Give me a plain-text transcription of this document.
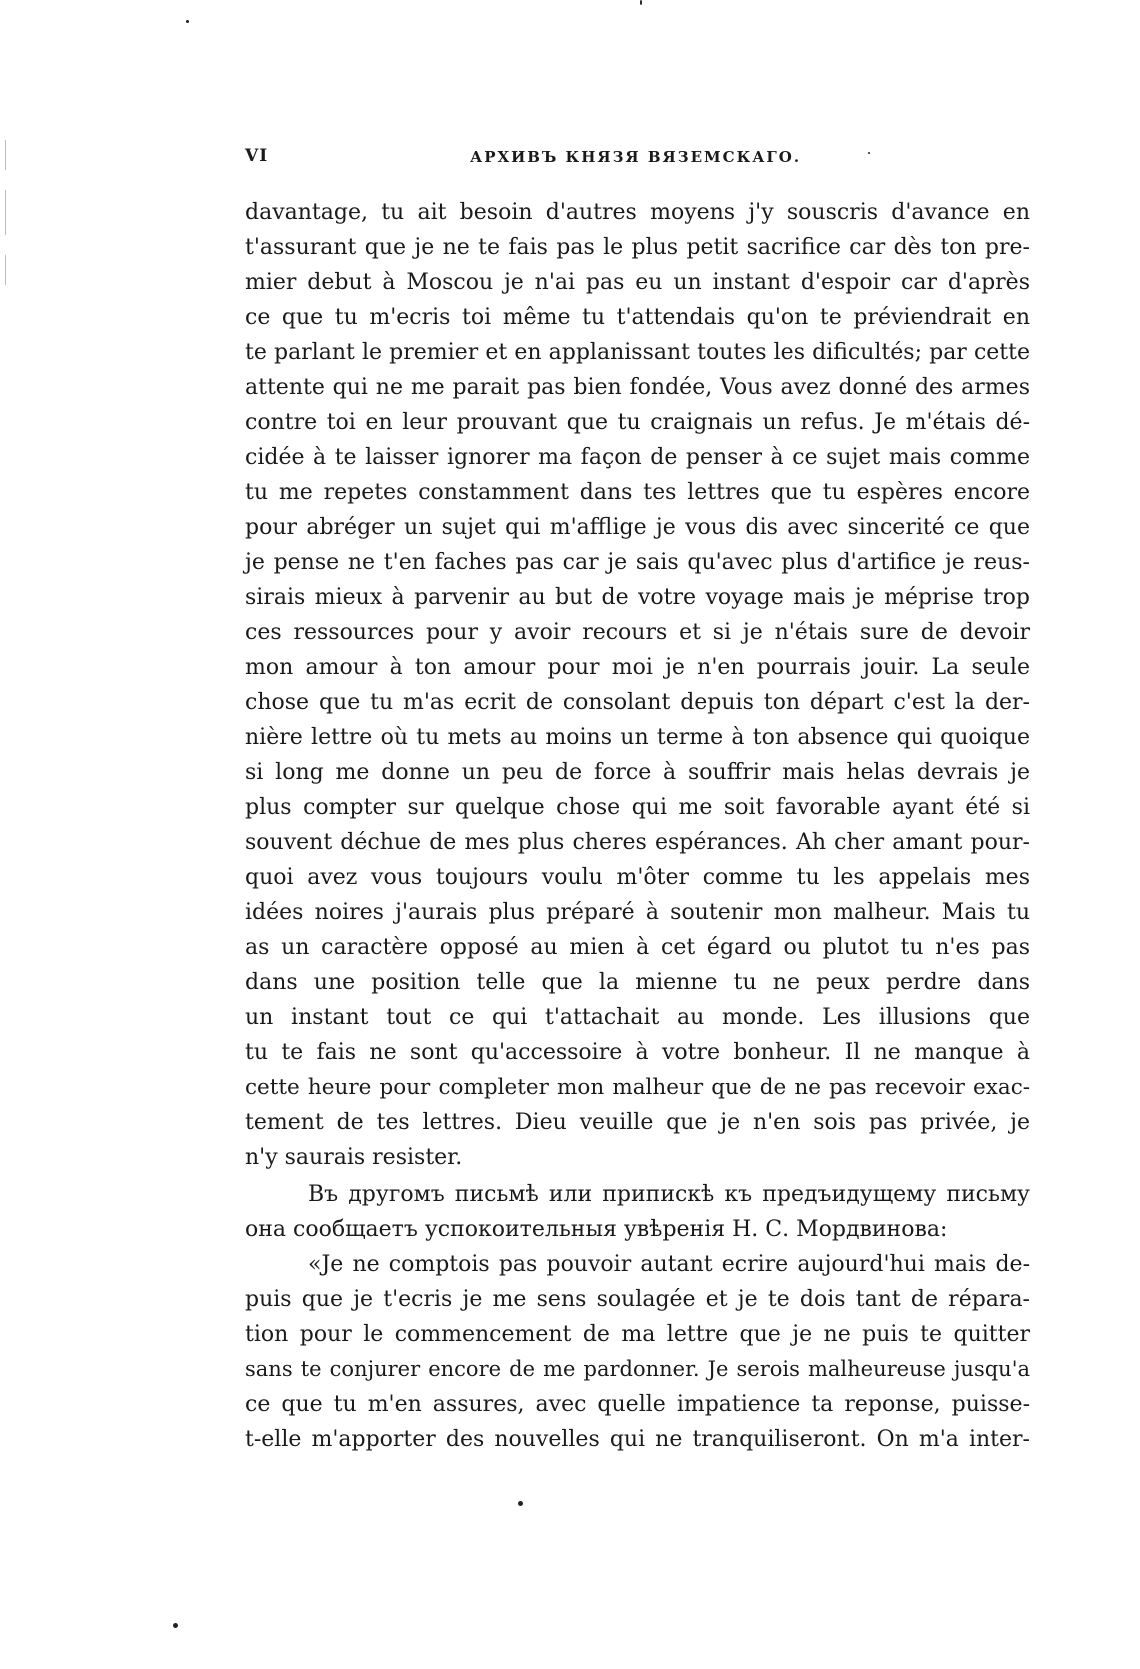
VI	АРХИВЪ КНЯЗЯ ВЯЗЕМСКАГО.
davantage, tu ait besoin d'autres moyens j'y souscris d'avance en
t'assurant que je ne te fais pas le plus petit sacrifice car dès ton pre-
mier debut à Moscou je n'ai pas eu un instant d'espoir car d'après
ce que tu m'ecris toi même tu t'attendais qu'on te préviendrait en
te parlant le premier et en applanissant toutes les dificultés; par cette
attente qui ne me parait pas bien fondée, Vous avez donné des armes
contre toi en leur prouvant que tu craignais un refus. Je m'étais dé-
cidée à te laisser ignorer ma façon de penser à ce sujet mais comme
tu me repetes constamment dans tes lettres que tu espères encore
pour abréger un sujet qui m'afflige je vous dis avec sincerité ce que
je pense ne t'en faches pas car je sais qu'avec plus d'artifice je reus-
sirais mieux à parvenir au but de votre voyage mais je méprise trop
ces ressources pour y avoir recours et si je n'étais sure de devoir
mon amour à ton amour pour moi je n'en pourrais jouir. La seule
chose que tu m'as ecrit de consolant depuis ton départ c'est la der-
nière lettre où tu mets au moins un terme à ton absence qui quoique
si long me donne un peu de force à souffrir mais helas devrais je
plus compter sur quelque chose qui me soit favorable ayant été si
souvent déchue de mes plus cheres espérances. Ah cher amant pour-
quoi avez vous toujours voulu m'ôter comme tu les appelais mes
idées noires j'aurais plus préparé à soutenir mon malheur. Mais tu
as un caractère opposé au mien à cet égard ou plutot tu n'es pas
dans une position telle que la mienne tu ne peux perdre dans
un instant tout ce qui t'attachait au monde. Les illusions que
tu te fais ne sont qu'accessoire à votre bonheur. Il ne manque à
cette heure pour completer mon malheur que de ne pas recevoir exac-
tement de tes lettres. Dieu veuille que je n'en sois pas privée, je
n'y saurais resister.
Въ другомъ письмѣ или припискѣ къ предъидущему письму
она сообщаетъ успокоительныя увѣренія Н. С. Мордвинова:
«Je ne comptois pas pouvoir autant ecrire aujourd'hui mais de-
puis que je t'ecris je me sens soulagée et je te dois tant de répara-
tion pour le commencement de ma lettre que je ne puis te quitter
sans te conjurer encore de me pardonner. Je serois malheureuse jusqu'a
ce que tu m'en assures, avec quelle impatience ta reponse, puisse-
t-elle m'apporter des nouvelles qui ne tranquiliseront. On m'a inter-
